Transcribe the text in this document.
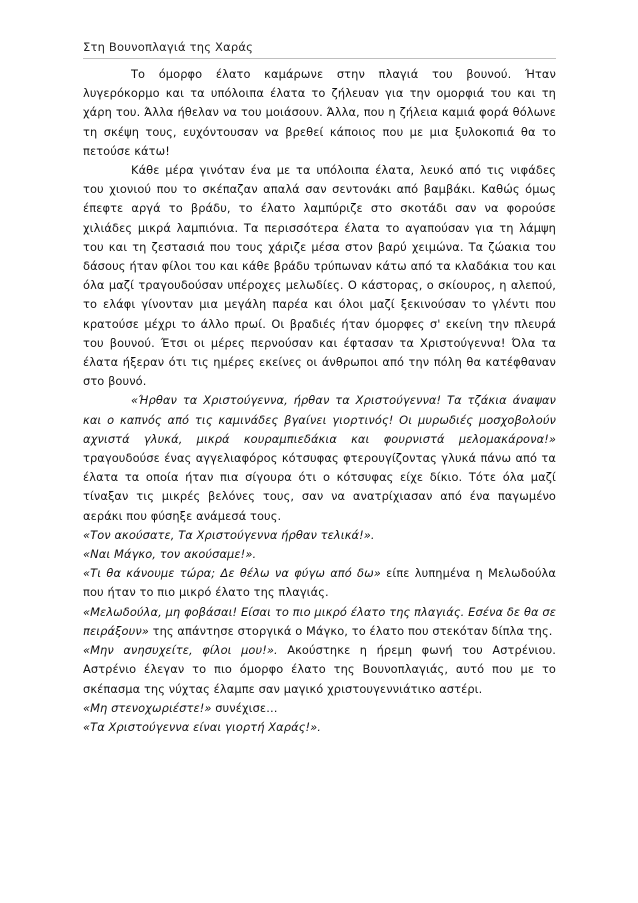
Στη Βουνοπλαγιά της Χαράς

Το όμορφο έλατο καμάρωνε στην πλαγιά του βουνού. Ήταν λυγερόκορμο και τα υπόλοιπα έλατα το ζήλευαν για την ομορφιά του και τη χάρη του. Άλλα ήθελαν να του μοιάσουν. Άλλα, που η ζήλεια καμιά φορά θόλωνε τη σκέψη τους, ευχόντουσαν να βρεθεί κάποιος που με μια ξυλοκοπιά θα το πετούσε κάτω!

Κάθε μέρα γινόταν ένα με τα υπόλοιπα έλατα, λευκό από τις νιφάδες του χιονιού που το σκέπαζαν απαλά σαν σεντονάκι από βαμβάκι. Καθώς όμως έπεφτε αργά το βράδυ, το έλατο λαμπύριζε στο σκοτάδι σαν να φορούσε χιλιάδες μικρά λαμπιόνια. Τα περισσότερα έλατα το αγαπούσαν για τη λάμψη του και τη ζεστασιά που τους χάριζε μέσα στον βαρύ χειμώνα. Τα ζώακια του δάσους ήταν φίλοι του και κάθε βράδυ τρύπωναν κάτω από τα κλαδάκια του και όλα μαζί τραγουδούσαν υπέροχες μελωδίες. Ο κάστορας, ο σκίουρος, η αλεπού, το ελάφι γίνονταν μια μεγάλη παρέα και όλοι μαζί ξεκινούσαν το γλέντι που κρατούσε μέχρι το άλλο πρωί. Οι βραδιές ήταν όμορφες σ' εκείνη την πλευρά του βουνού. Έτσι οι μέρες περνούσαν και έφτασαν τα Χριστούγεννα! Όλα τα έλατα ήξεραν ότι τις ημέρες εκείνες οι άνθρωποι από την πόλη θα κατέφθαναν στο βουνό.

«Ήρθαν τα Χριστούγεννα, ήρθαν τα Χριστούγεννα! Τα τζάκια άναψαν και ο καπνός από τις καμινάδες βγαίνει γιορτινός! Οι μυρωδιές μοσχοβολούν αχνιστά γλυκά, μικρά κουραμπιεδάκια και φουρνιστά μελομακάρονα!» τραγουδούσε ένας αγγελιαφόρος κότσυφας φτερουγίζοντας γλυκά πάνω από τα έλατα τα οποία ήταν πια σίγουρα ότι ο κότσυφας είχε δίκιο. Τότε όλα μαζί τίναξαν τις μικρές βελόνες τους, σαν να ανατρίχιασαν από ένα παγωμένο αεράκι που φύσηξε ανάμεσά τους.

«Τον ακούσατε, Τα Χριστούγεννα ήρθαν τελικά!».

«Ναι Μάγκο, τον ακούσαμε!».

«Τι θα κάνουμε τώρα; Δε θέλω να φύγω από δω» είπε λυπημένα η Μελωδούλα που ήταν το πιο μικρό έλατο της πλαγιάς.

«Μελωδούλα, μη φοβάσαι! Είσαι το πιο μικρό έλατο της πλαγιάς. Εσένα δε θα σε πειράξουν» της απάντησε στοργικά ο Μάγκο, το έλατο που στεκόταν δίπλα της.

«Μην ανησυχείτε, φίλοι μου!». Ακούστηκε η ήρεμη φωνή του Αστρένιου. Αστρένιο έλεγαν το πιο όμορφο έλατο της Βουνοπλαγιάς, αυτό που με το σκέπασμα της νύχτας έλαμπε σαν μαγικό χριστουγεννιάτικο αστέρι.

«Μη στενοχωριέστε!» συνέχισε…

«Τα Χριστούγεννα είναι γιορτή Χαράς!».
